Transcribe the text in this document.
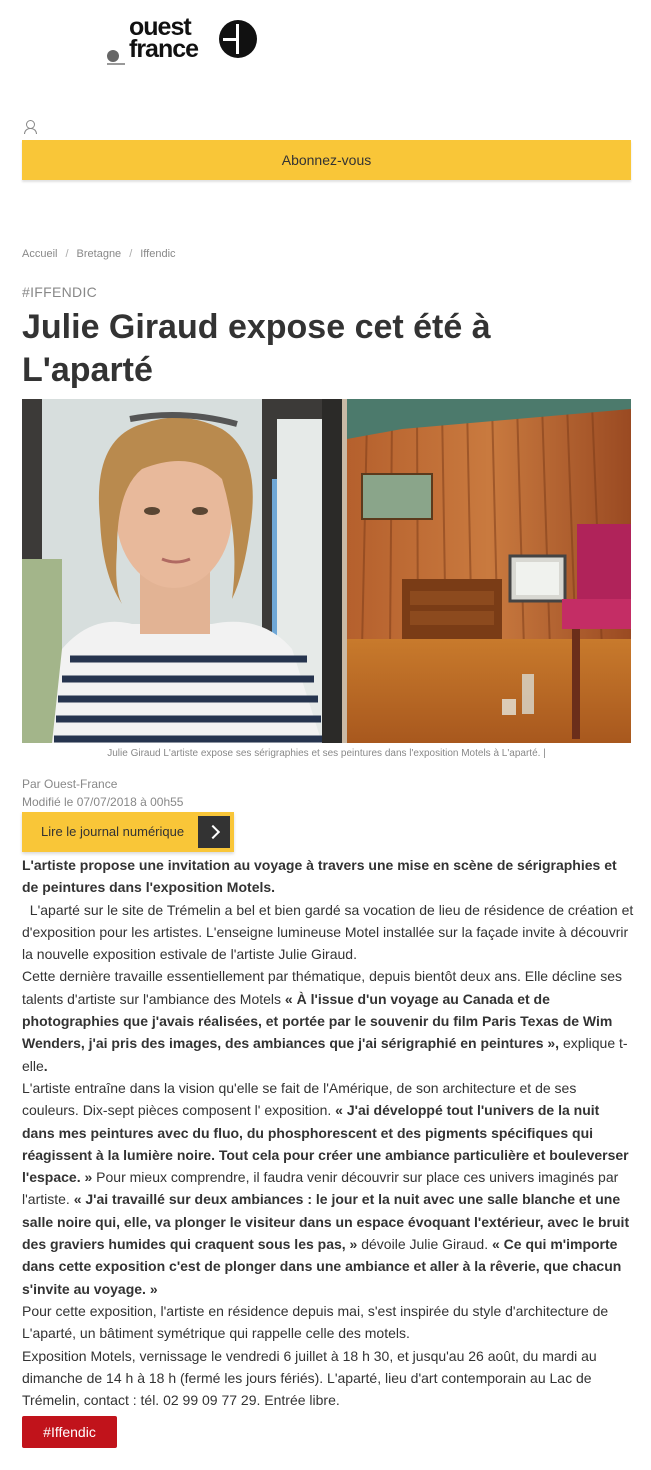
ouest
france
Abonnez-vous
Accueil / Bretagne / Iffendic
#IFFENDIC
Julie Giraud expose cet été à L'aparté
Julie Giraud L'artiste expose ses sérigraphies et ses peintures dans l'exposition Motels à L'aparté. |
Par Ouest-France
Modifié le 07/07/2018 à 00h55
Lire le journal numérique

L'artiste propose une invitation au voyage à travers une mise en scène de sérigraphies et de peintures dans l'exposition Motels.

L'aparté sur le site de Trémelin a bel et bien gardé sa vocation de lieu de résidence de création et d'exposition pour les artistes. L'enseigne lumineuse Motel installée sur la façade invite à découvrir la nouvelle exposition estivale de l'artiste Julie Giraud.

Cette dernière travaille essentiellement par thématique, depuis bientôt deux ans. Elle décline ses talents d'artiste sur l'ambiance des Motels « À l'issue d'un voyage au Canada et de photographies que j'avais réalisées, et portée par le souvenir du film Paris Texas de Wim Wenders, j'ai pris des images, des ambiances que j'ai sérigraphié en peintures », explique t-elle.

L'artiste entraîne dans la vision qu'elle se fait de l'Amérique, de son architecture et de ses couleurs. Dix-sept pièces composent l' exposition. « J'ai développé tout l'univers de la nuit dans mes peintures avec du fluo, du phosphorescent et des pigments spécifiques qui réagissent à la lumière noire. Tout cela pour créer une ambiance particulière et bouleverser l'espace. » Pour mieux comprendre, il faudra venir découvrir sur place ces univers imaginés par l'artiste. « J'ai travaillé sur deux ambiances : le jour et la nuit avec une salle blanche et une salle noire qui, elle, va plonger le visiteur dans un espace évoquant l'extérieur, avec le bruit des graviers humides qui craquent sous les pas, » dévoile Julie Giraud. « Ce qui m'importe dans cette exposition c'est de plonger dans une ambiance et aller à la rêverie, que chacun s'invite au voyage. »

Pour cette exposition, l'artiste en résidence depuis mai, s'est inspirée du style d'architecture de L'aparté, un bâtiment symétrique qui rappelle celle des motels.

Exposition Motels, vernissage le vendredi 6 juillet à 18 h 30, et jusqu'au 26 août, du mardi au dimanche de 14 h à 18 h (fermé les jours fériés). L'aparté, lieu d'art contemporain au Lac de Trémelin, contact : tél. 02 99 09 77 29. Entrée libre.

#Iffendic
